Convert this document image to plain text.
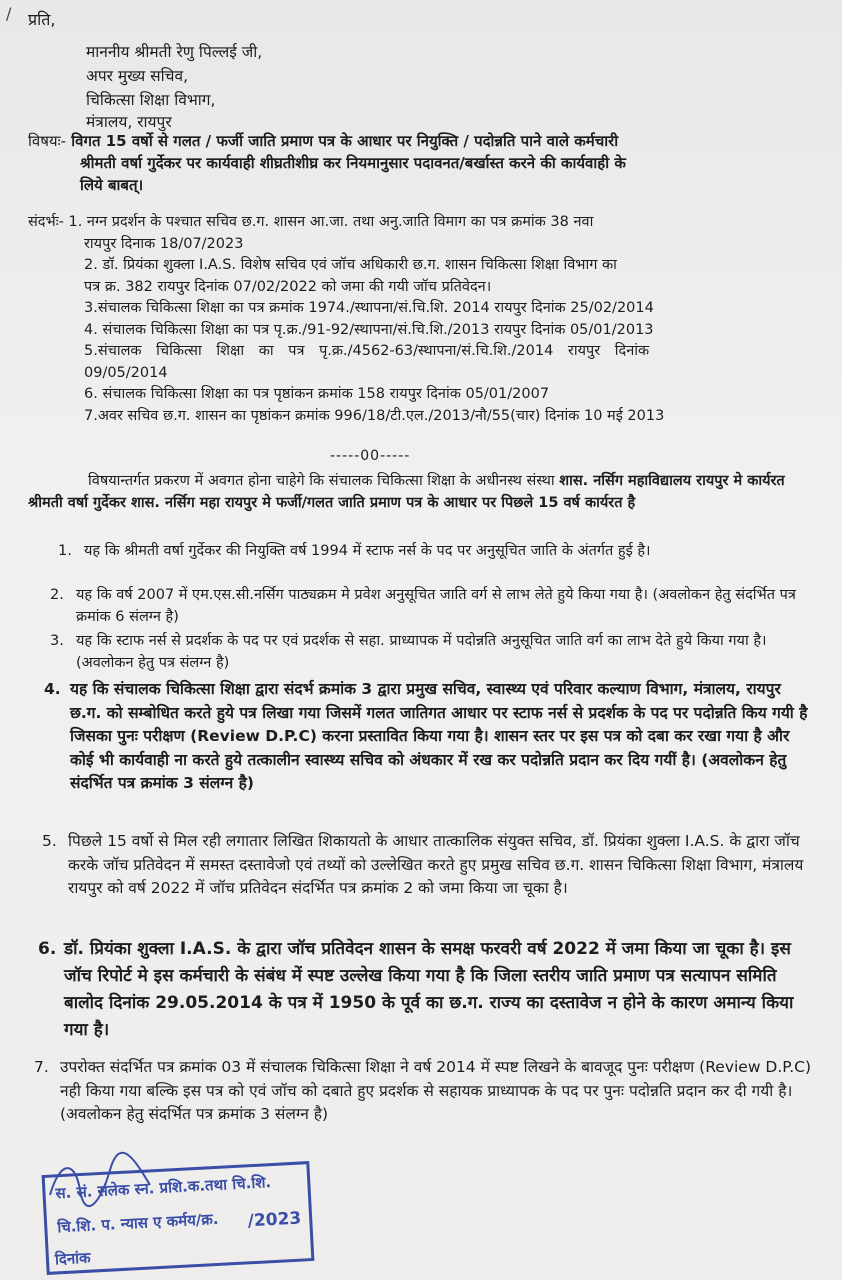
/ प्रति,
माननीय श्रीमती रेणु पिल्लई जी,
अपर मुख्य सचिव,
चिकित्सा शिक्षा विभाग,
मंत्रालय, रायपुर
विषयः- विगत 15 वर्षो से गलत / फर्जी जाति प्रमाण पत्र के आधार पर नियुक्ति / पदोन्नति पाने वाले कर्मचारी
श्रीमती वर्षा गुर्देकर पर कार्यवाही शीघ्रतीशीघ्र कर नियमानुसार पदावनत/बर्खास्त करने की कार्यवाही के
लिये बाबत्।
संदर्भः- 1. नग्न प्रदर्शन के पश्चात सचिव छ.ग. शासन आ.जा. तथा अनु.जाति विमाग का पत्र क्रमांक 38 नवा
रायपुर दिनाक 18/07/2023
2. डॉ. प्रियंका शुक्ला I.A.S. विशेष सचिव एवं जॉच अधिकारी छ.ग. शासन चिकित्सा शिक्षा विभाग का
पत्र क्र. 382 रायपुर दिनांक 07/02/2022 को जमा की गयी जॉच प्रतिवेदन।
3.संचालक चिकित्सा शिक्षा का पत्र क्रमांक 1974./स्थापना/सं.चि.शि. 2014 रायपुर दिनांक 25/02/2014
4. संचालक चिकित्सा शिक्षा का पत्र पृ.क्र./91-92/स्थापना/सं.चि.शि./2013 रायपुर दिनांक 05/01/2013
5.संचालक चिकित्सा शिक्षा का पत्र पृ.क्र./4562-63/स्थापना/सं.चि.शि./2014 रायपुर दिनांक
09/05/2014
6. संचालक चिकित्सा शिक्षा का पत्र पृष्ठांकन क्रमांक 158 रायपुर दिनांक 05/01/2007
7.अवर सचिव छ.ग. शासन का पृष्ठांकन क्रमांक 996/18/टी.एल./2013/नौ/55(चार) दिनांक 10 मई 2013
-----00-----
विषयान्तर्गत प्रकरण में अवगत होना चाहेगे कि संचालक चिकित्सा शिक्षा के अधीनस्थ संस्था शास. नर्सिग महाविद्यालय रायपुर मे कार्यरत श्रीमती वर्षा गुर्देकर शास. नर्सिग महा रायपुर मे फर्जी/गलत जाति प्रमाण पत्र के आधार पर पिछले 15 वर्ष कार्यरत है
1. यह कि श्रीमती वर्षा गुर्देकर की नियुक्ति वर्ष 1994 में स्टाफ नर्स के पद पर अनुसूचित जाति के अंतर्गत हुई है।
2. यह कि वर्ष 2007 में एम.एस.सी.नर्सिग पाठ्यक्रम मे प्रवेश अनुसूचित जाति वर्ग से लाभ लेते हुये किया गया है। (अवलोकन हेतु संदर्भित पत्र क्रमांक 6 संलग्न है)
3. यह कि स्टाफ नर्स से प्रदर्शक के पद पर एवं प्रदर्शक से सहा. प्राध्यापक में पदोन्नति अनुसूचित जाति वर्ग का लाभ देते हुये किया गया है। (अवलोकन हेतु पत्र संलग्न है)
4. यह कि संचालक चिकित्सा शिक्षा द्वारा संदर्भ क्रमांक 3 द्वारा प्रमुख सचिव, स्वास्थ्य एवं परिवार कल्याण विभाग, मंत्रालय, रायपुर छ.ग. को सम्बोधित करते हुये पत्र लिखा गया जिसमें गलत जातिगत आधार पर स्टाफ नर्स से प्रदर्शक के पद पर पदोन्नति किय गयी है जिसका पुनः परीक्षण (Review D.P.C) करना प्रस्तावित किया गया है। शासन स्तर पर इस पत्र को दबा कर रखा गया है और कोई भी कार्यवाही ना करते हुये तत्कालीन स्वास्थ्य सचिव को अंधकार में रख कर पदोन्नति प्रदान कर दिय गयीं है। (अवलोकन हेतु संदर्भित पत्र क्रमांक 3 संलग्न है)
5. पिछले 15 वर्षो से मिल रही लगातार लिखित शिकायतो के आधार तात्कालिक संयुक्त सचिव, डॉ. प्रियंका शुक्ला I.A.S. के द्वारा जॉच करके जॉच प्रतिवेदन में समस्त दस्तावेजो एवं तथ्यों को उल्लेखित करते हुए प्रमुख सचिव छ.ग. शासन चिकित्सा शिक्षा विभाग, मंत्रालय रायपुर को वर्ष 2022 में जॉच प्रतिवेदन संदर्भित पत्र क्रमांक 2 को जमा किया जा चूका है।
6. डॉ. प्रियंका शुक्ला I.A.S. के द्वारा जॉच प्रतिवेदन शासन के समक्ष फरवरी वर्ष 2022 में जमा किया जा चूका है। इस जॉच रिपोर्ट मे इस कर्मचारी के संबंध में स्पष्ट उल्लेख किया गया है कि जिला स्तरीय जाति प्रमाण पत्र सत्यापन समिति बालोद दिनांक 29.05.2014 के पत्र में 1950 के पूर्व का छ.ग. राज्य का दस्तावेज न होने के कारण अमान्य किया गया है।
7. उपरोक्त संदर्भित पत्र क्रमांक 03 में संचालक चिकित्सा शिक्षा ने वर्ष 2014 में स्पष्ट लिखने के बावजूद पुनः परीक्षण (Review D.P.C) नही किया गया बल्कि इस पत्र को एवं जॉच को दबाते हुए प्रदर्शक से सहायक प्राध्यापक के पद पर पुनः पदोन्नति प्रदान कर दी गयी है।(अवलोकन हेतु संदर्भित पत्र क्रमांक 3 संलग्न है)
स. सं. संलेक स्न. प्रशि.क.तथा चि.शि.
चि.शि. प. न्यास ए कर्मय/क्र.
दिनांक
/2023
